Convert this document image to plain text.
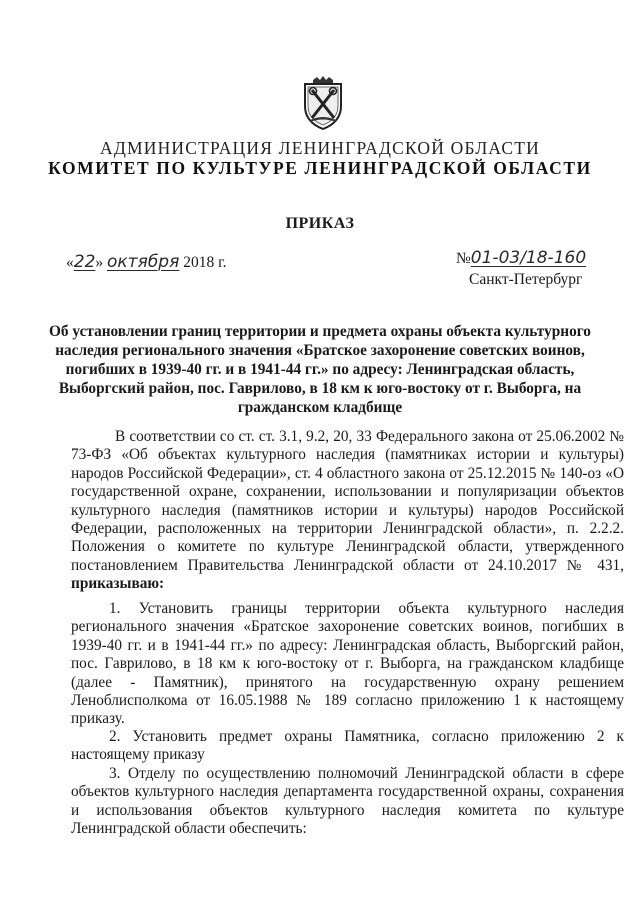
АДМИНИСТРАЦИЯ ЛЕНИНГРАДСКОЙ ОБЛАСТИ
КОМИТЕТ ПО КУЛЬТУРЕ ЛЕНИНГРАДСКОЙ ОБЛАСТИ
ПРИКАЗ
«22» октября 2018 г.	№01-03/18-160
Санкт-Петербург
Об установлении границ территории и предмета охраны объекта культурного наследия регионального значения «Братское захоронение советских воинов, погибших в 1939-40 гг. и в 1941-44 гг.» по адресу: Ленинградская область, Выборгский район, пос. Гаврилово, в 18 км к юго-востоку от г. Выборга, на гражданском кладбище
В соответствии со ст. ст. 3.1, 9.2, 20, 33 Федерального закона от 25.06.2002 № 73-ФЗ «Об объектах культурного наследия (памятниках истории и культуры) народов Российской Федерации», ст. 4 областного закона от 25.12.2015 № 140-оз «О государственной охране, сохранении, использовании и популяризации объектов культурного наследия (памятников истории и культуры) народов Российской Федерации, расположенных на территории Ленинградской области», п. 2.2.2. Положения о комитете по культуре Ленинградской области, утвержденного постановлением Правительства Ленинградской области от 24.10.2017 № 431, приказываю:
1. Установить границы территории объекта культурного наследия регионального значения «Братское захоронение советских воинов, погибших в 1939-40 гг. и в 1941-44 гг.» по адресу: Ленинградская область, Выборгский район, пос. Гаврилово, в 18 км к юго-востоку от г. Выборга, на гражданском кладбище (далее - Памятник), принятого на государственную охрану решением Леноблисполкома от 16.05.1988 № 189 согласно приложению 1 к настоящему приказу.
2. Установить предмет охраны Памятника, согласно приложению 2 к настоящему приказу
3. Отделу по осуществлению полномочий Ленинградской области в сфере объектов культурного наследия департамента государственной охраны, сохранения и использования объектов культурного наследия комитета по культуре Ленинградской области обеспечить:
